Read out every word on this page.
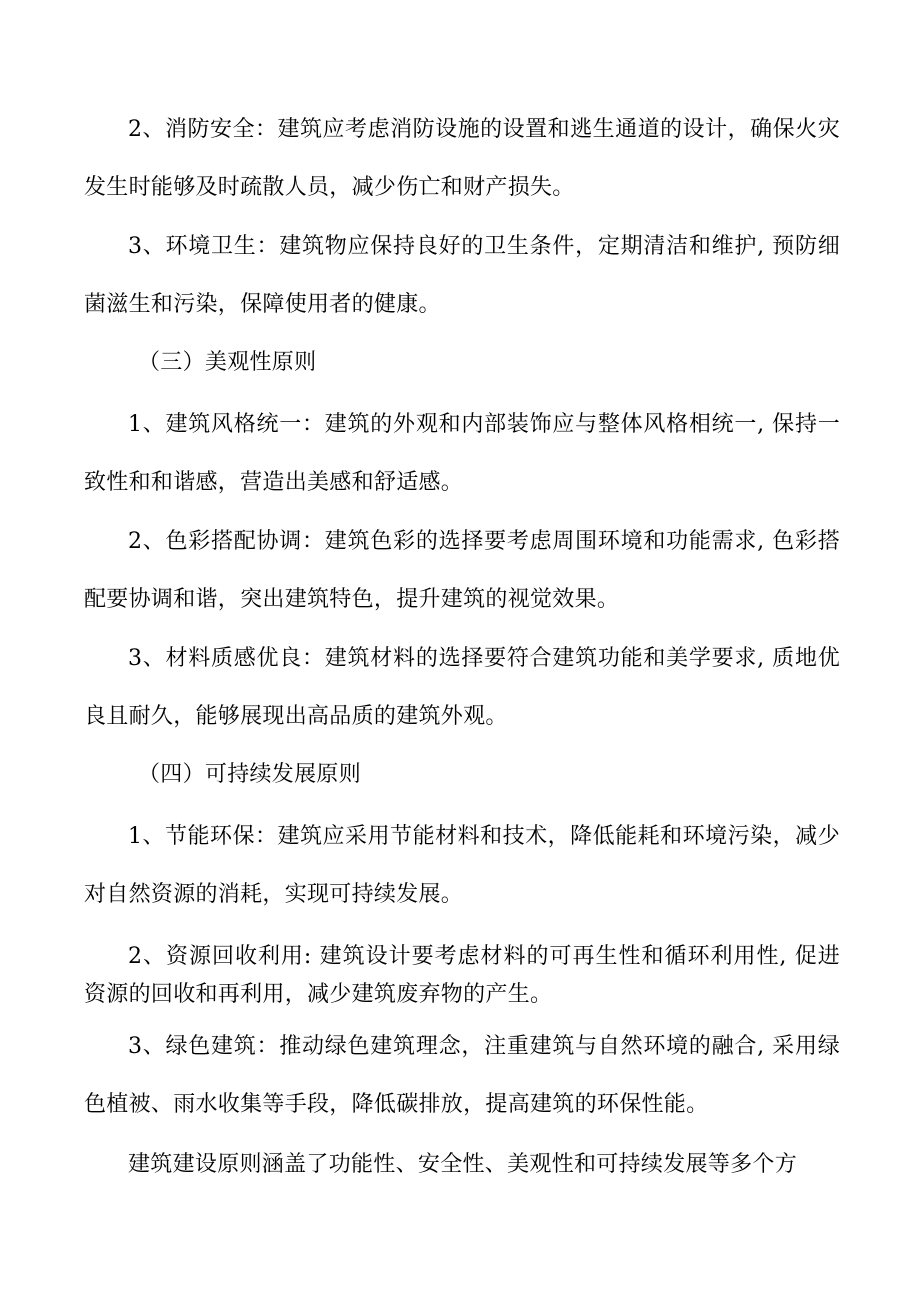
2、消防安全：建筑应考虑消防设施的设置和逃生通道的设计，确保火灾发生时能够及时疏散人员，减少伤亡和财产损失。

3、环境卫生：建筑物应保持良好的卫生条件，定期清洁和维护, 预防细菌滋生和污染，保障使用者的健康。

（三）美观性原则

1、建筑风格统一：建筑的外观和内部装饰应与整体风格相统一, 保持一致性和和谐感，营造出美感和舒适感。

2、色彩搭配协调：建筑色彩的选择要考虑周围环境和功能需求, 色彩搭配要协调和谐，突出建筑特色，提升建筑的视觉效果。

3、材料质感优良：建筑材料的选择要符合建筑功能和美学要求, 质地优良且耐久，能够展现出高品质的建筑外观。

（四）可持续发展原则

1、节能环保：建筑应采用节能材料和技术，降低能耗和环境污染，减少对自然资源的消耗，实现可持续发展。

2、资源回收利用: 建筑设计要考虑材料的可再生性和循环利用性, 促进资源的回收和再利用，减少建筑废弃物的产生。

3、绿色建筑：推动绿色建筑理念，注重建筑与自然环境的融合, 采用绿色植被、雨水收集等手段，降低碳排放，提高建筑的环保性能。

建筑建设原则涵盖了功能性、安全性、美观性和可持续发展等多个方
